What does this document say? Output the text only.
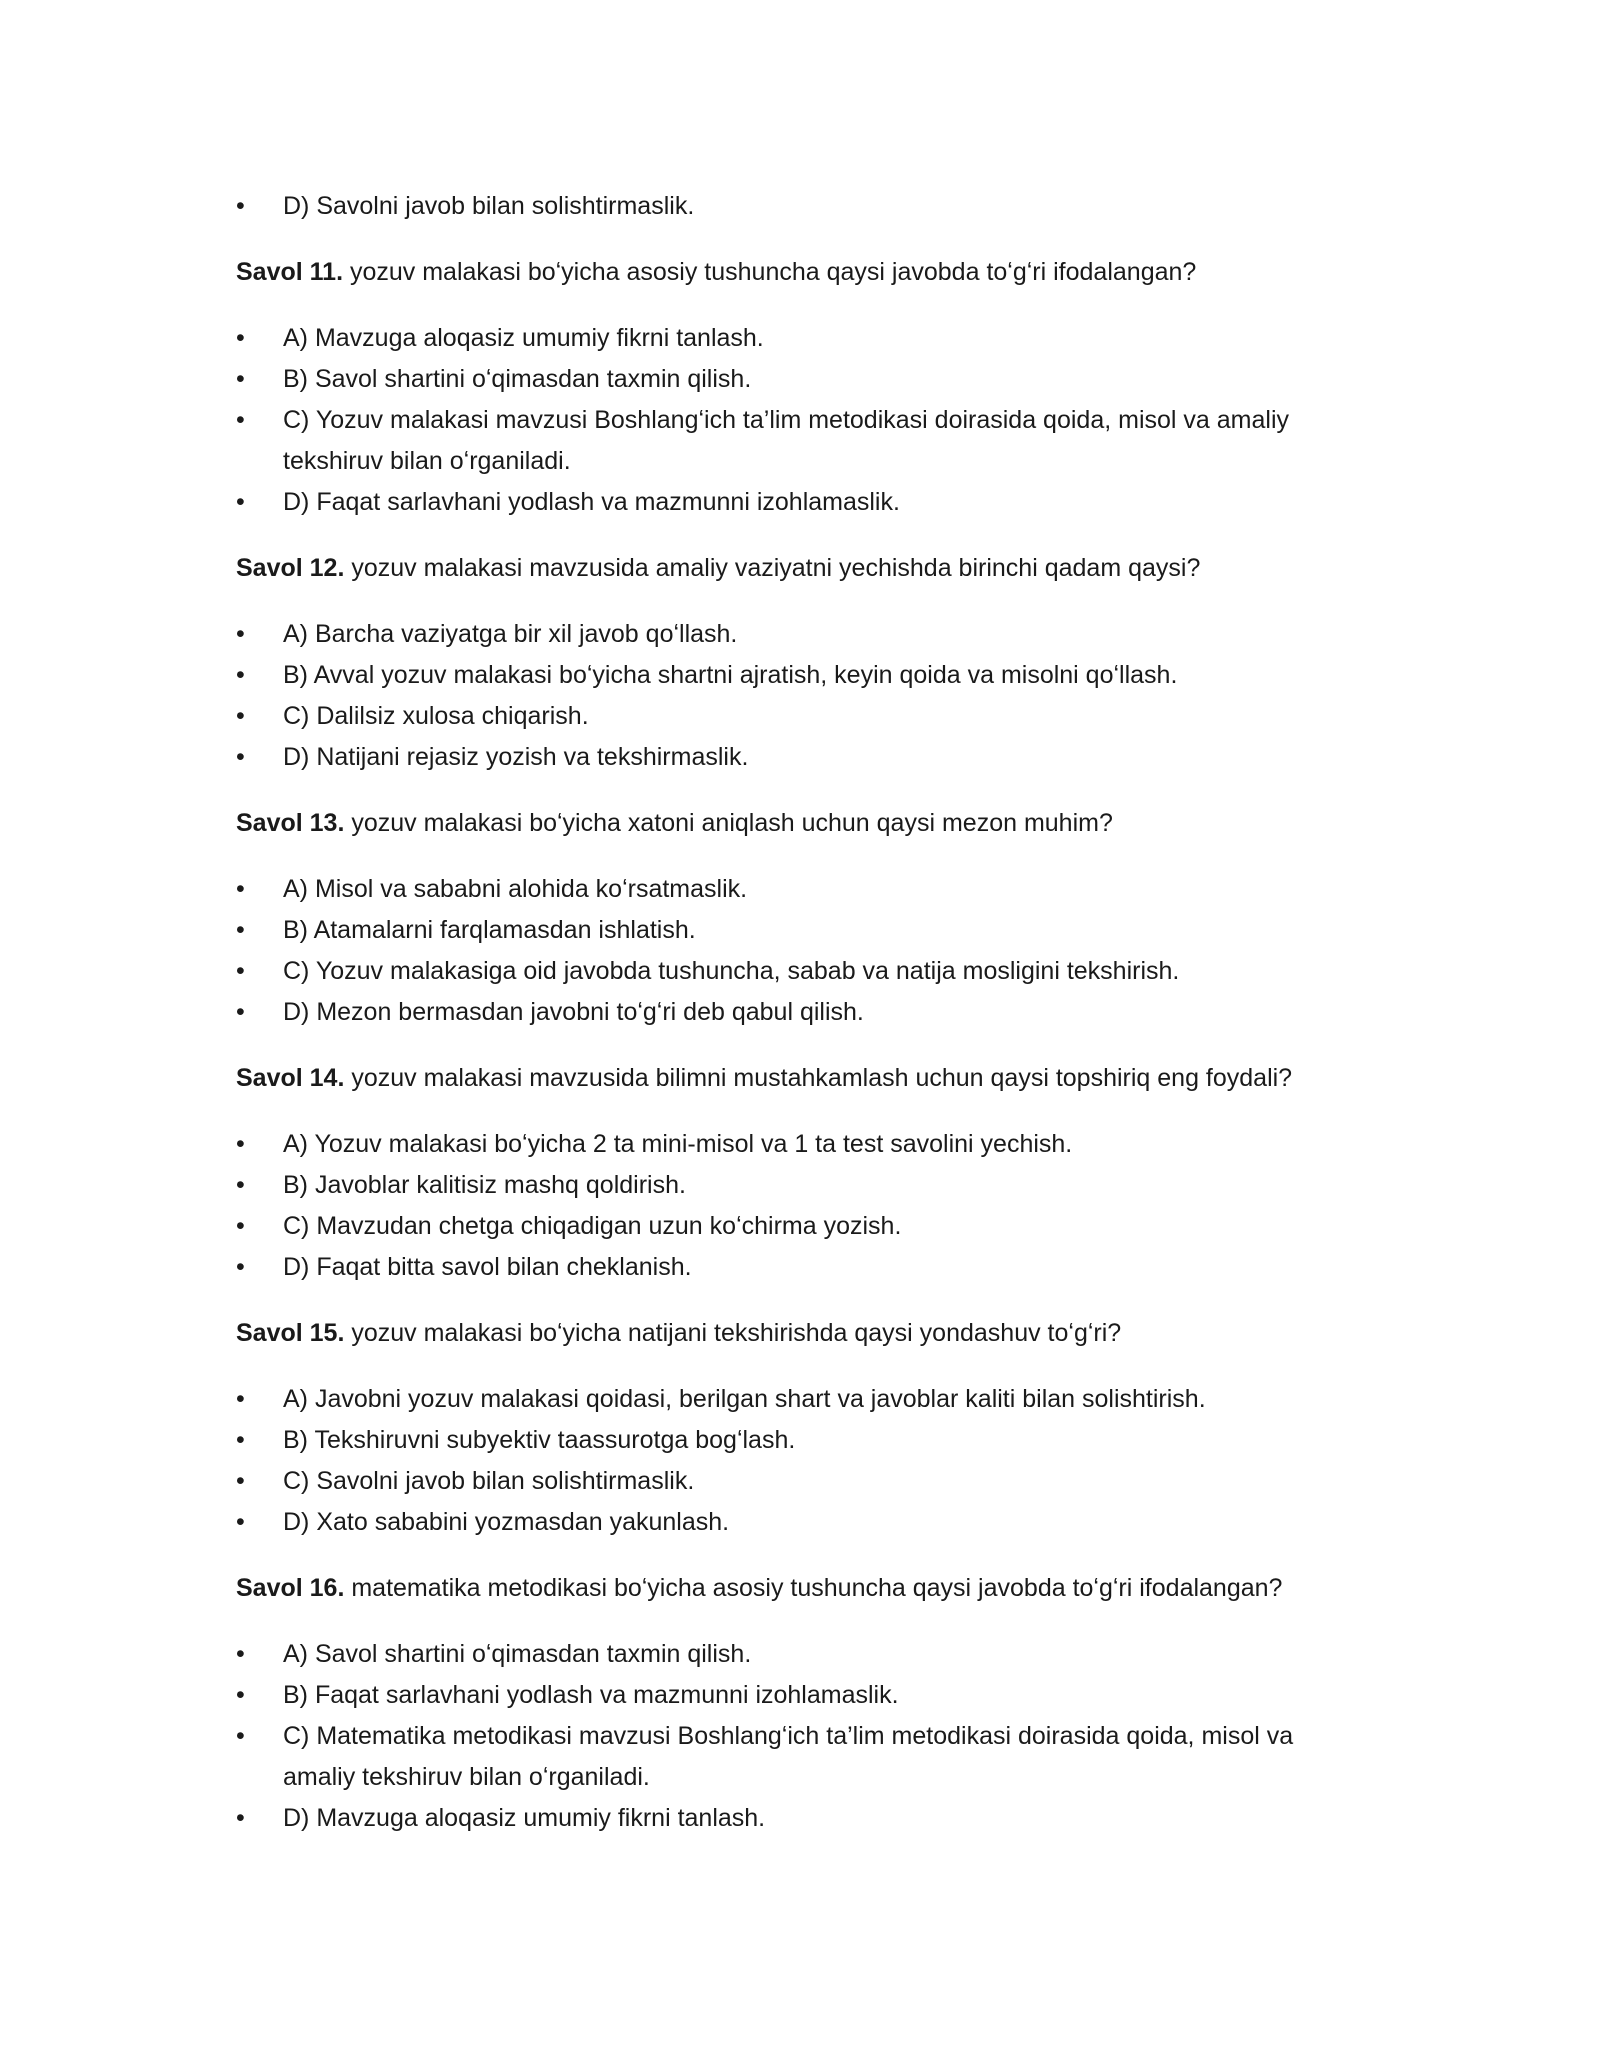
•	D) Savolni javob bilan solishtirmaslik.

Savol 11. yozuv malakasi boʻyicha asosiy tushuncha qaysi javobda toʻgʻri ifodalangan?

•	A) Mavzuga aloqasiz umumiy fikrni tanlash.
•	B) Savol shartini oʻqimasdan taxmin qilish.
•	C) Yozuv malakasi mavzusi Boshlangʻich ta’lim metodikasi doirasida qoida, misol va amaliy tekshiruv bilan oʻrganiladi.
•	D) Faqat sarlavhani yodlash va mazmunni izohlamaslik.

Savol 12. yozuv malakasi mavzusida amaliy vaziyatni yechishda birinchi qadam qaysi?

•	A) Barcha vaziyatga bir xil javob qoʻllash.
•	B) Avval yozuv malakasi boʻyicha shartni ajratish, keyin qoida va misolni qoʻllash.
•	C) Dalilsiz xulosa chiqarish.
•	D) Natijani rejasiz yozish va tekshirmaslik.

Savol 13. yozuv malakasi boʻyicha xatoni aniqlash uchun qaysi mezon muhim?

•	A) Misol va sababni alohida koʻrsatmaslik.
•	B) Atamalarni farqlamasdan ishlatish.
•	C) Yozuv malakasiga oid javobda tushuncha, sabab va natija mosligini tekshirish.
•	D) Mezon bermasdan javobni toʻgʻri deb qabul qilish.

Savol 14. yozuv malakasi mavzusida bilimni mustahkamlash uchun qaysi topshiriq eng foydali?

•	A) Yozuv malakasi boʻyicha 2 ta mini-misol va 1 ta test savolini yechish.
•	B) Javoblar kalitisiz mashq qoldirish.
•	C) Mavzudan chetga chiqadigan uzun koʻchirma yozish.
•	D) Faqat bitta savol bilan cheklanish.

Savol 15. yozuv malakasi boʻyicha natijani tekshirishda qaysi yondashuv toʻgʻri?

•	A) Javobni yozuv malakasi qoidasi, berilgan shart va javoblar kaliti bilan solishtirish.
•	B) Tekshiruvni subyektiv taassurotga bogʻlash.
•	C) Savolni javob bilan solishtirmaslik.
•	D) Xato sababini yozmasdan yakunlash.

Savol 16. matematika metodikasi boʻyicha asosiy tushuncha qaysi javobda toʻgʻri ifodalangan?

•	A) Savol shartini oʻqimasdan taxmin qilish.
•	B) Faqat sarlavhani yodlash va mazmunni izohlamaslik.
•	C) Matematika metodikasi mavzusi Boshlangʻich ta’lim metodikasi doirasida qoida, misol va amaliy tekshiruv bilan oʻrganiladi.
•	D) Mavzuga aloqasiz umumiy fikrni tanlash.
